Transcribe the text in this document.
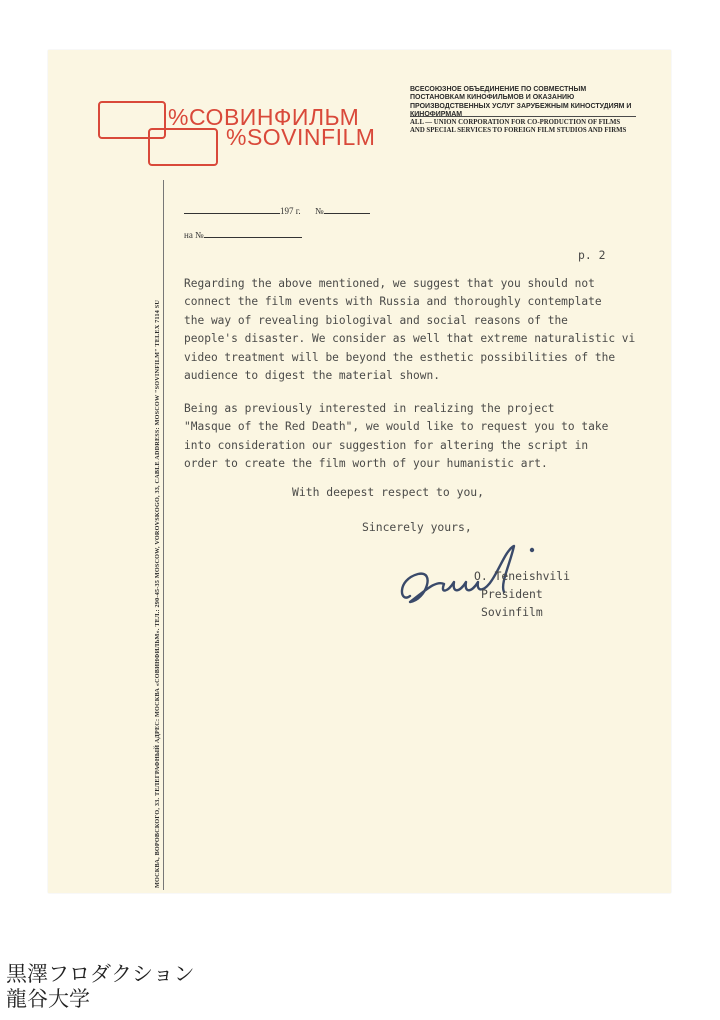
%СОВИНФИЛЬМ
%SOVINFILM
ВСЕСОЮЗНОЕ ОБЪЕДИНЕНИЕ ПО СОВМЕСТНЫМ ПОСТАНОВКАМ КИНОФИЛЬМОВ И ОКАЗАНИЮ ПРОИЗВОДСТВЕННЫХ УСЛУГ ЗАРУБЕЖНЫМ КИНОСТУДИЯМ И КИНОФИРМАМ
ALL — UNION CORPORATION FOR CO-PRODUCTION OF FILMS AND SPECIAL SERVICES TO FOREIGN FILM STUDIOS AND FIRMS
МОСКВА, ВОРОВСКОГО, 33. ТЕЛЕГРАФНЫЙ АДРЕС: МОСКВА «СОВИНФИЛЬМ». ТЕЛ.: 290-45-35 MOSCOW, VOROVSKOGO, 33, CABLE ADDRESS: MOSCOW "SOVINFILM" TELEX 7114 SU
197 г. №
на №
p. 2
Regarding the above mentioned, we suggest that you should not
connect the film events with Russia and thoroughly contemplate
the way of revealing biologival and social reasons of the
people's disaster. We consider as well that extreme naturalistic vi
video treatment will be beyond the esthetic possibilities of the
audience to digest the material shown.
Being as previously interested in realizing the project
"Masque of the Red Death", we would like to request you to take
into consideration our suggestion for altering the script in
order to create the film worth of your humanistic art.
With deepest respect to you,
Sincerely yours,
O. Teneishvili
President
Sovinfilm
黒澤フロダクション
龍谷大学
